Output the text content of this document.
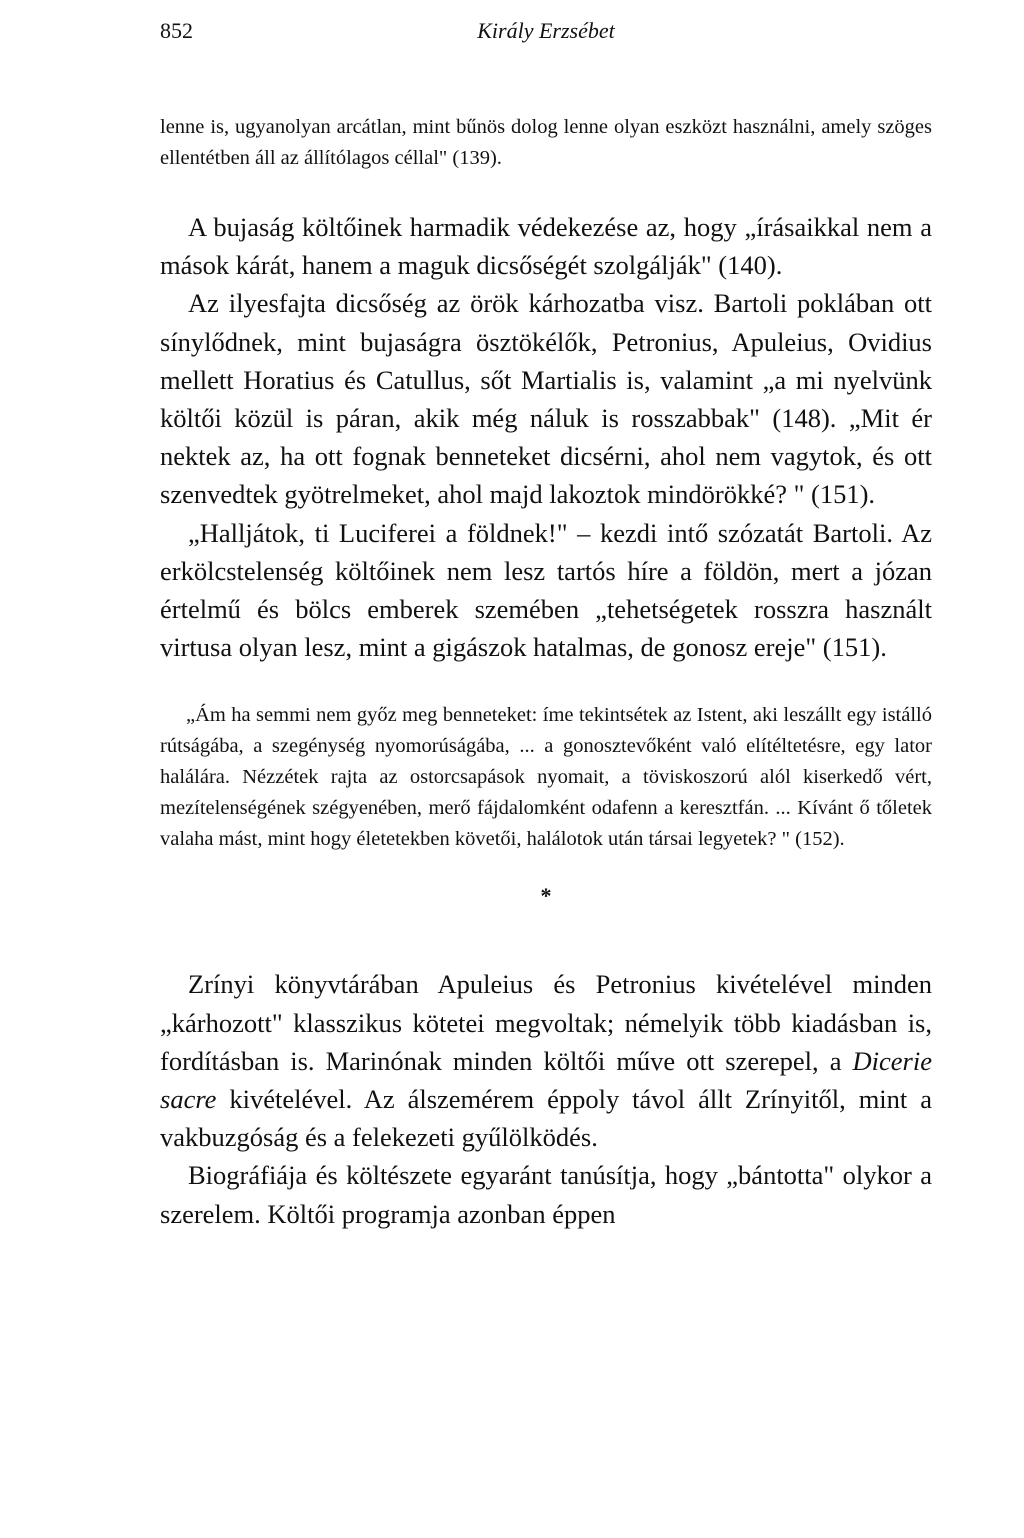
852	Király Erzsébet

lenne is, ugyanolyan arcátlan, mint bűnös dolog lenne olyan eszközt használni, amely szöges ellentétben áll az állítólagos céllal" (139).

A bujaság költőinek harmadik védekezése az, hogy „írásaikkal nem a mások kárát, hanem a maguk dicsőségét szolgálják" (140).

Az ilyesfajta dicsőség az örök kárhozatba visz. Bartoli poklában ott sínylődnek, mint bujaságra ösztökélők, Petronius, Apuleius, Ovidius mellett Horatius és Catullus, sőt Martialis is, valamint „a mi nyelvünk költői közül is páran, akik még náluk is rosszabbak" (148). „Mit ér nektek az, ha ott fognak benneteket dicsérni, ahol nem vagytok, és ott szenvedtek gyötrelmeket, ahol majd lakoztok mindörökké? " (151).

„Halljátok, ti Luciferei a földnek!" – kezdi intő szózatát Bartoli. Az erkölcstelenség költőinek nem lesz tartós híre a földön, mert a józan értelmű és bölcs emberek szemében „tehetségetek rosszra használt virtusa olyan lesz, mint a gigászok hatalmas, de gonosz ereje" (151).

„Ám ha semmi nem győz meg benneteket: íme tekintsétek az Istent, aki leszállt egy istálló rútságába, a szegénység nyomorúságába, ... a gonosztevőként való elítéltetésre, egy lator halálára. Nézzétek rajta az ostorcsapások nyomait, a töviskoszorú alól kiserkedő vért, mezítelenségének szégyenében, merő fájdalomként odafenn a keresztfán. ... Kívánt ő tőletek valaha mást, mint hogy életetekben követői, halálotok után társai legyetek? " (152).

*

Zrínyi könyvtárában Apuleius és Petronius kivételével minden „kárhozott" klasszikus kötetei megvoltak; némelyik több kiadásban is, fordításban is. Marinónak minden költői műve ott szerepel, a Dicerie sacre kivételével. Az álszemérem éppoly távol állt Zrínyitől, mint a vakbuzgóság és a felekezeti gyűlölködés.

Biográfiája és költészete egyaránt tanúsítja, hogy „bántotta" olykor a szerelem. Költői programja azonban éppen
